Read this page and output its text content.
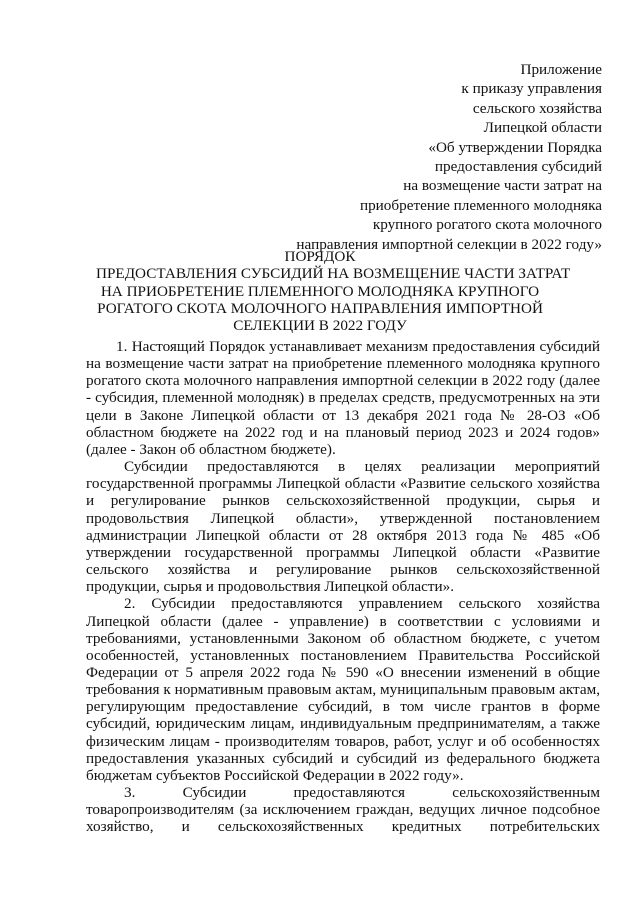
Приложение
к приказу управления
сельского хозяйства
Липецкой области
«Об утверждении Порядка
предоставления субсидий
на возмещение части затрат на
приобретение племенного молодняка
крупного рогатого скота молочного
направления импортной селекции в 2022 году»
ПОРЯДОК
ПРЕДОСТАВЛЕНИЯ СУБСИДИЙ НА ВОЗМЕЩЕНИЕ ЧАСТИ ЗАТРАТ
НА ПРИОБРЕТЕНИЕ ПЛЕМЕННОГО МОЛОДНЯКА КРУПНОГО
РОГАТОГО СКОТА МОЛОЧНОГО НАПРАВЛЕНИЯ ИМПОРТНОЙ
СЕЛЕКЦИИ В 2022 ГОДУ

1. Настоящий Порядок устанавливает механизм предоставления субсидий на возмещение части затрат на приобретение племенного молодняка крупного рогатого скота молочного направления импортной селекции в 2022 году (далее - субсидия, племенной молодняк) в пределах средств, предусмотренных на эти цели в Законе Липецкой области от 13 декабря 2021 года № 28-ОЗ «Об областном бюджете на 2022 год и на плановый период 2023 и 2024 годов» (далее - Закон об областном бюджете).

Субсидии предоставляются в целях реализации мероприятий государственной программы Липецкой области «Развитие сельского хозяйства и регулирование рынков сельскохозяйственной продукции, сырья и продовольствия Липецкой области», утвержденной постановлением администрации Липецкой области от 28 октября 2013 года № 485 «Об утверждении государственной программы Липецкой области «Развитие сельского хозяйства и регулирование рынков сельскохозяйственной продукции, сырья и продовольствия Липецкой области».

2. Субсидии предоставляются управлением сельского хозяйства Липецкой области (далее - управление) в соответствии с условиями и требованиями, установленными Законом об областном бюджете, с учетом особенностей, установленных постановлением Правительства Российской Федерации от 5 апреля 2022 года № 590 «О внесении изменений в общие требования к нормативным правовым актам, муниципальным правовым актам, регулирующим предоставление субсидий, в том числе грантов в форме субсидий, юридическим лицам, индивидуальным предпринимателям, а также физическим лицам - производителям товаров, работ, услуг и об особенностях предоставления указанных субсидий и субсидий из федерального бюджета бюджетам субъектов Российской Федерации в 2022 году».

3. Субсидии предоставляются сельскохозяйственным товаропроизводителям (за исключением граждан, ведущих личное подсобное хозяйство, и сельскохозяйственных кредитных потребительских
